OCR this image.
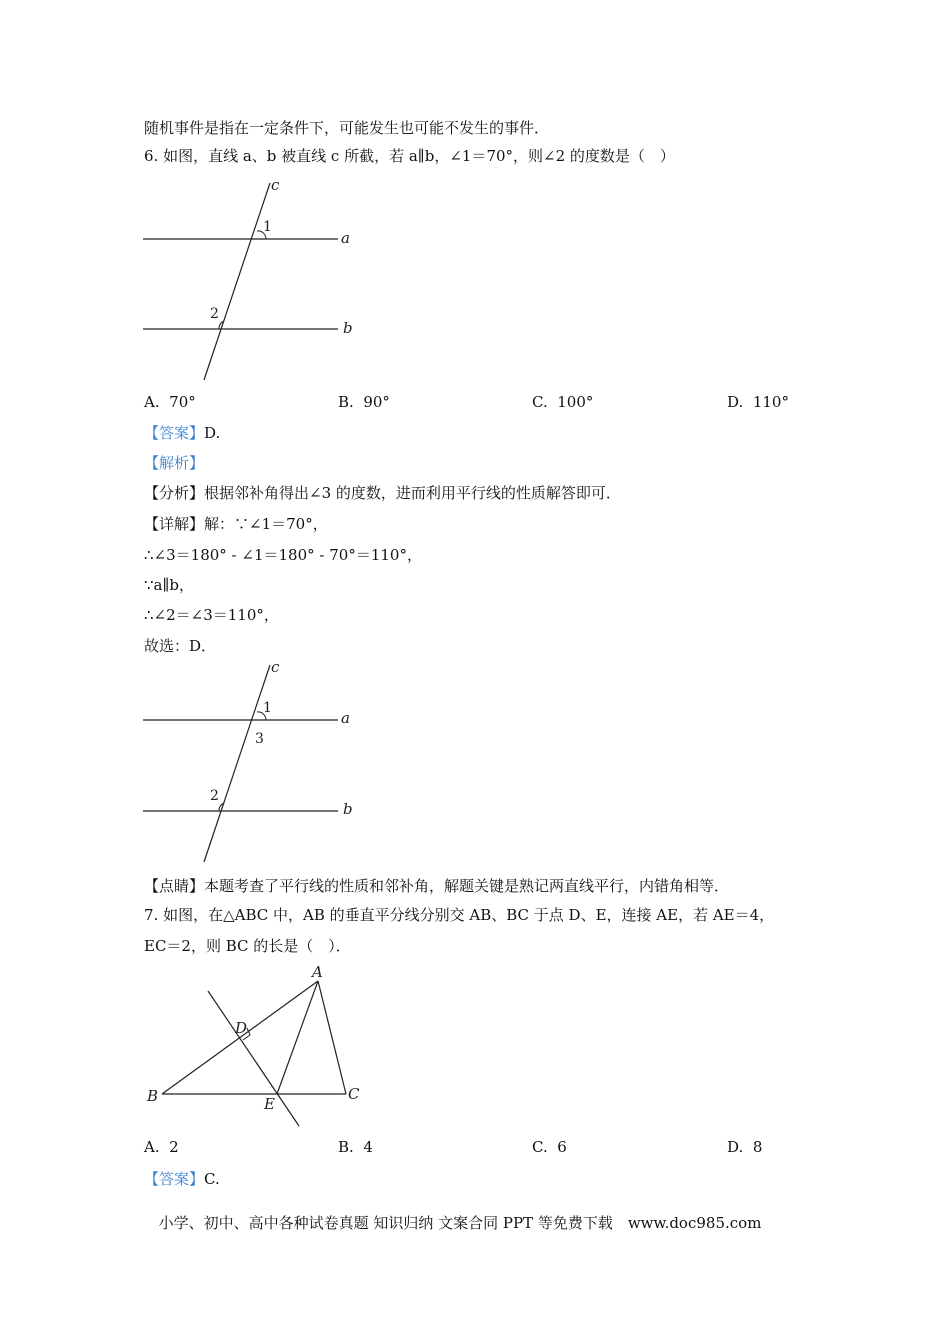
随机事件是指在一定条件下，可能发生也可能不发生的事件．
6. 如图，直线 a、b 被直线 c 所截，若 a∥b，∠1＝70°，则∠2 的度数是（　）
c
a
b
1
2
A. 70°	B. 90°	C. 100°	D. 110°
【答案】D.
【解析】
【分析】根据邻补角得出∠3 的度数，进而利用平行线的性质解答即可．
【详解】解：∵∠1＝70°，
∴∠3＝180° - ∠1＝180° - 70°＝110°，
∵a∥b，
∴∠2＝∠3＝110°，
故选：D．
c
a
b
1
3
2
【点睛】本题考查了平行线的性质和邻补角，解题关键是熟记两直线平行，内错角相等．
7. 如图，在△ABC 中，AB 的垂直平分线分别交 AB、BC 于点 D、E，连接 AE，若 AE＝4，
EC＝2，则 BC 的长是（　）．
A
B	C
D
E
A. 2	B. 4	C. 6	D. 8
【答案】C.
小学、初中、高中各种试卷真题 知识归纳 文案合同 PPT 等免费下载　www.doc985.com
